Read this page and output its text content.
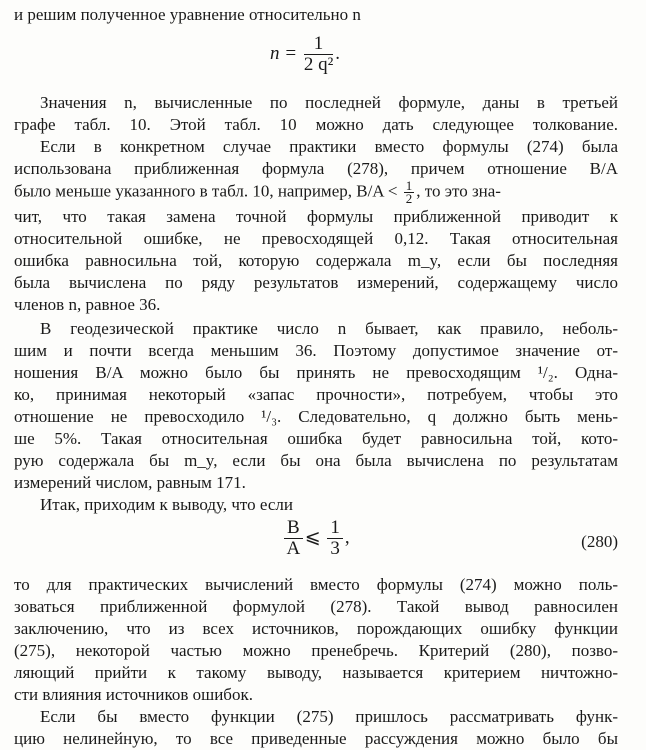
и решим полученное уравнение относительно n
$n = \frac{1}{\text{2 q²}}$ .
Значения n, вычисленные по последней формуле, даны в третьей
графе табл. 10. Этой табл. 10 можно дать следующее толкование.
Если в конкретном случае практики вместо формулы (274) была
использована приближенная формула (278), причем отношение B/A
было меньше указанного в табл. 10, например, $B/A < \frac{1}{2}$ , то это зна-
чит, что такая замена точной формулы приближенной приводит к
относительной ошибке, не превосходящей 0,12. Такая относительная
ошибка равносильна той, которую содержала m_y, если бы последняя
была вычислена по ряду результатов измерений, содержащему число
членов n, равное 36.
В геодезической практике число n бывает, как правило, неболь-
шим и почти всегда меньшим 36. Поэтому допустимое значение от-
ношения B/A можно было бы принять не превосходящим ¹/₂. Одна-
ко, принимая некоторый «запас прочности», потребуем, чтобы это
отношение не превосходило ¹/₃. Следовательно, q должно быть мень-
ше 5%. Такая относительная ошибка будет равносильна той, кото-
рую содержала бы m_y, если бы она была вычислена по результатам
измерений числом, равным 171.
Итак, приходим к выводу, что если
$\frac{B}{A}$ ⩽ $\frac{1}{3}$ ,	(280)
то для практических вычислений вместо формулы (274) можно поль-
зоваться приближенной формулой (278). Такой вывод равносилен
заключению, что из всех источников, порождающих ошибку функции
(275), некоторой частью можно пренебречь. Критерий (280), позво-
ляющий прийти к такому выводу, называется критерием ничтожно-
сти влияния источников ошибок.
Если бы вместо функции (275) пришлось рассматривать функ-
цию нелинейную, то все приведенные рассуждения можно было бы
